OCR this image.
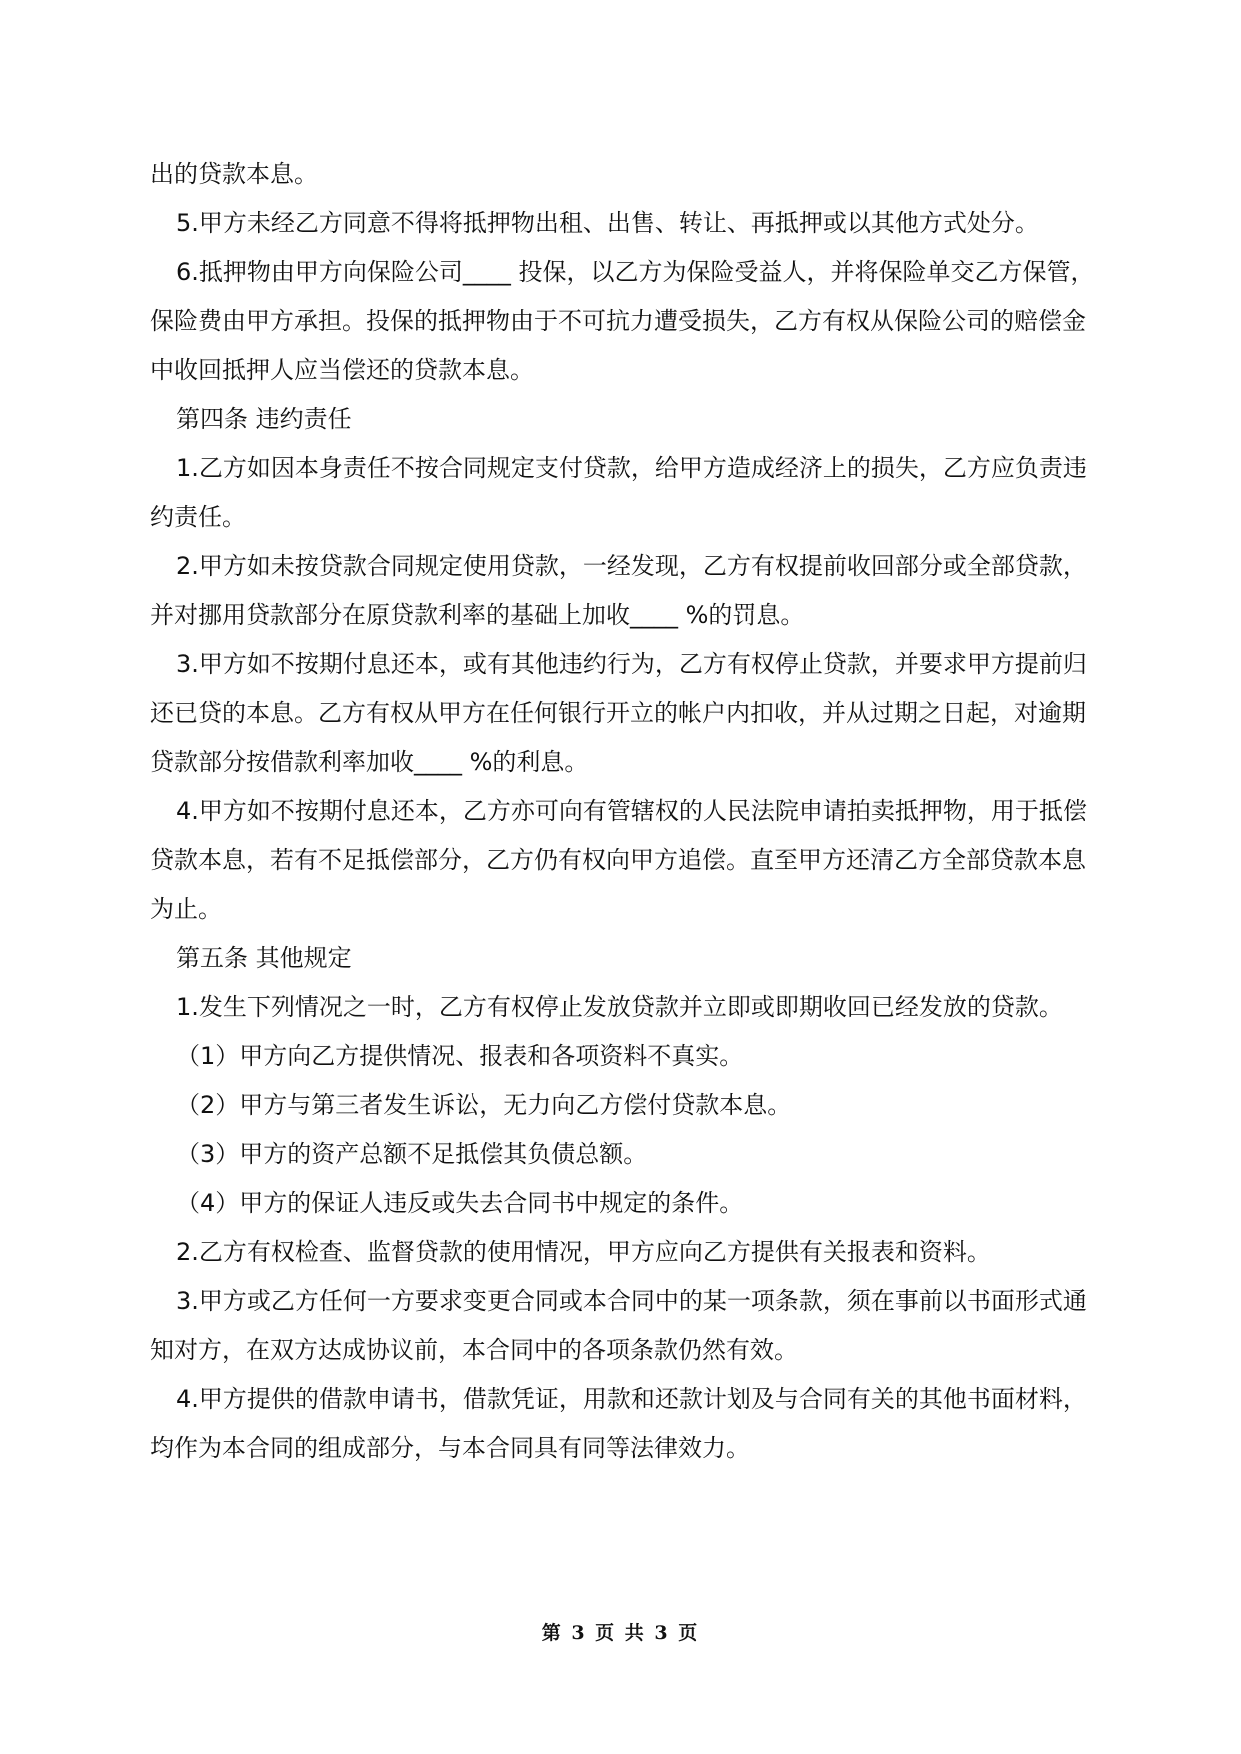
出的贷款本息。

5.甲方未经乙方同意不得将抵押物出租、出售、转让、再抵押或以其他方式处分。

6.抵押物由甲方向保险公司____ 投保，以乙方为保险受益人，并将保险单交乙方保管，保险费由甲方承担。投保的抵押物由于不可抗力遭受损失，乙方有权从保险公司的赔偿金中收回抵押人应当偿还的贷款本息。

第四条 违约责任

1.乙方如因本身责任不按合同规定支付贷款，给甲方造成经济上的损失，乙方应负责违约责任。

2.甲方如未按贷款合同规定使用贷款，一经发现，乙方有权提前收回部分或全部贷款，并对挪用贷款部分在原贷款利率的基础上加收____ %的罚息。

3.甲方如不按期付息还本，或有其他违约行为，乙方有权停止贷款，并要求甲方提前归还已贷的本息。乙方有权从甲方在任何银行开立的帐户内扣收，并从过期之日起，对逾期贷款部分按借款利率加收____ %的利息。

4.甲方如不按期付息还本，乙方亦可向有管辖权的人民法院申请拍卖抵押物，用于抵偿贷款本息，若有不足抵偿部分，乙方仍有权向甲方追偿。直至甲方还清乙方全部贷款本息为止。

第五条 其他规定

1.发生下列情况之一时，乙方有权停止发放贷款并立即或即期收回已经发放的贷款。

（1）甲方向乙方提供情况、报表和各项资料不真实。

（2）甲方与第三者发生诉讼，无力向乙方偿付贷款本息。

（3）甲方的资产总额不足抵偿其负债总额。

（4）甲方的保证人违反或失去合同书中规定的条件。

2.乙方有权检查、监督贷款的使用情况，甲方应向乙方提供有关报表和资料。

3.甲方或乙方任何一方要求变更合同或本合同中的某一项条款，须在事前以书面形式通知对方，在双方达成协议前，本合同中的各项条款仍然有效。

4.甲方提供的借款申请书，借款凭证，用款和还款计划及与合同有关的其他书面材料，均作为本合同的组成部分，与本合同具有同等法律效力。

第 3 页 共 3 页
